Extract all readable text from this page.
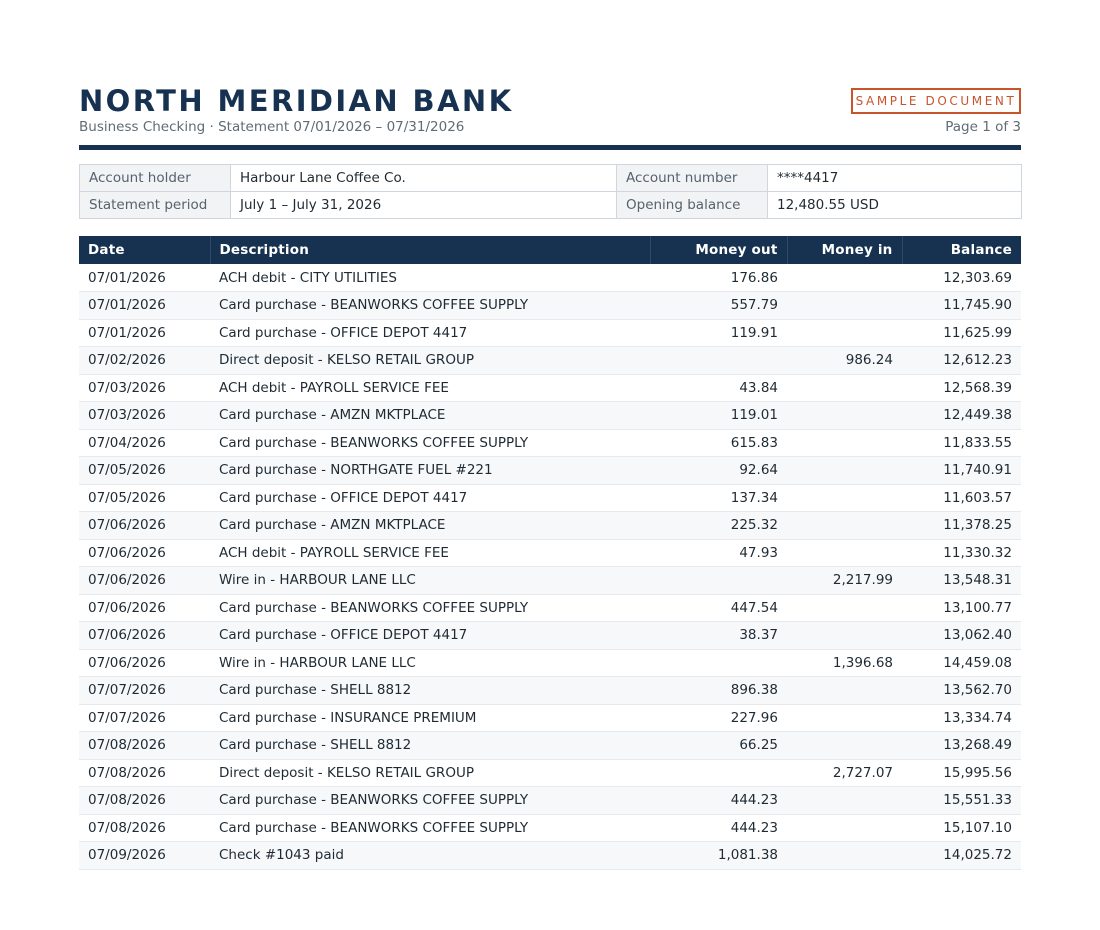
NORTH MERIDIAN BANK
Business Checking · Statement 07/01/2026 – 07/31/2026
SAMPLE DOCUMENT
Page 1 of 3
Account holder	Harbour Lane Coffee Co.	Account number	****4417
Statement period	July 1 – July 31, 2026	Opening balance	12,480.55 USD
Date	Description	Money out	Money in	Balance
07/01/2026	ACH debit - CITY UTILITIES	176.86		12,303.69
07/01/2026	Card purchase - BEANWORKS COFFEE SUPPLY	557.79		11,745.90
07/01/2026	Card purchase - OFFICE DEPOT 4417	119.91		11,625.99
07/02/2026	Direct deposit - KELSO RETAIL GROUP		986.24	12,612.23
07/03/2026	ACH debit - PAYROLL SERVICE FEE	43.84		12,568.39
07/03/2026	Card purchase - AMZN MKTPLACE	119.01		12,449.38
07/04/2026	Card purchase - BEANWORKS COFFEE SUPPLY	615.83		11,833.55
07/05/2026	Card purchase - NORTHGATE FUEL #221	92.64		11,740.91
07/05/2026	Card purchase - OFFICE DEPOT 4417	137.34		11,603.57
07/06/2026	Card purchase - AMZN MKTPLACE	225.32		11,378.25
07/06/2026	ACH debit - PAYROLL SERVICE FEE	47.93		11,330.32
07/06/2026	Wire in - HARBOUR LANE LLC		2,217.99	13,548.31
07/06/2026	Card purchase - BEANWORKS COFFEE SUPPLY	447.54		13,100.77
07/06/2026	Card purchase - OFFICE DEPOT 4417	38.37		13,062.40
07/06/2026	Wire in - HARBOUR LANE LLC		1,396.68	14,459.08
07/07/2026	Card purchase - SHELL 8812	896.38		13,562.70
07/07/2026	Card purchase - INSURANCE PREMIUM	227.96		13,334.74
07/08/2026	Card purchase - SHELL 8812	66.25		13,268.49
07/08/2026	Direct deposit - KELSO RETAIL GROUP		2,727.07	15,995.56
07/08/2026	Card purchase - BEANWORKS COFFEE SUPPLY	444.23		15,551.33
07/08/2026	Card purchase - BEANWORKS COFFEE SUPPLY	444.23		15,107.10
07/09/2026	Check #1043 paid	1,081.38		14,025.72
